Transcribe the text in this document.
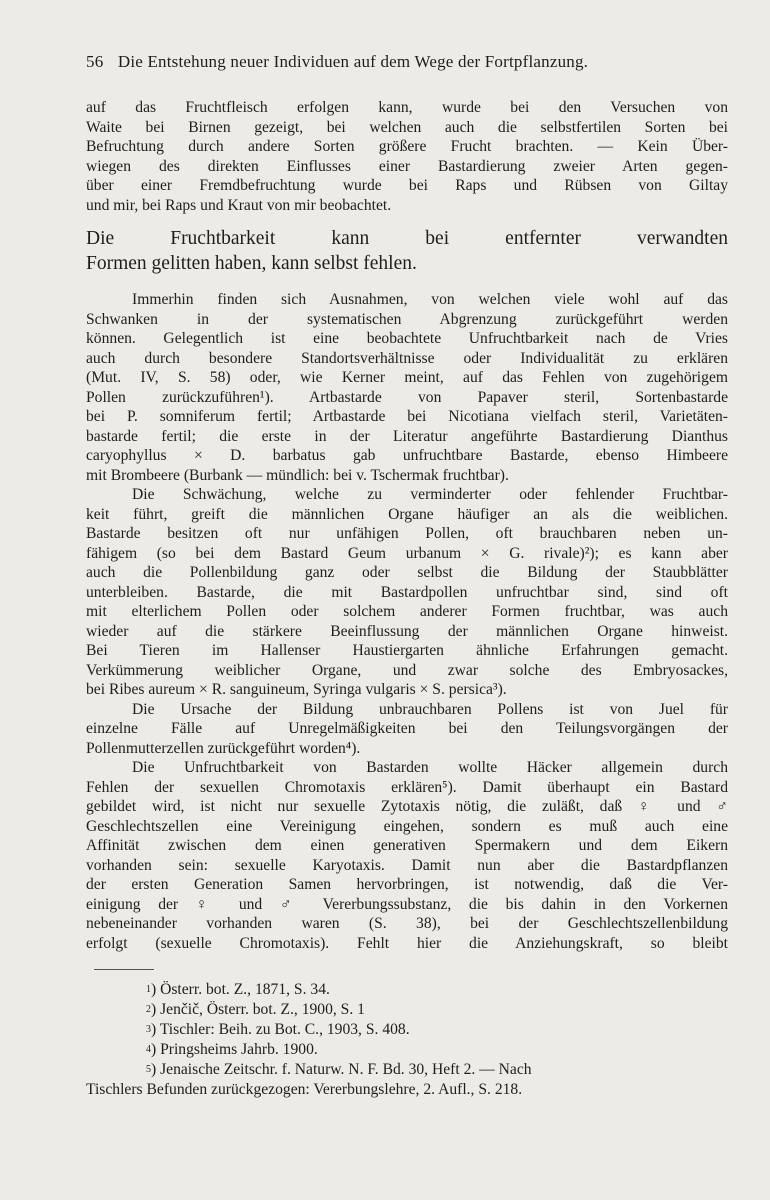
56 Die Entstehung neuer Individuen auf dem Wege der Fortpflanzung.
auf das Fruchtfleisch erfolgen kann, wurde bei den Versuchen von
Waite bei Birnen gezeigt, bei welchen auch die selbstfertilen Sorten bei
Befruchtung durch andere Sorten größere Frucht brachten. — Kein Über-
wiegen des direkten Einflusses einer Bastardierung zweier Arten gegen-
über einer Fremdbefruchtung wurde bei Raps und Rübsen von Giltay
und mir, bei Raps und Kraut von mir beobachtet.
Die Fruchtbarkeit kann bei entfernter verwandten
Formen gelitten haben, kann selbst fehlen.
Immerhin finden sich Ausnahmen, von welchen viele wohl auf das
Schwanken in der systematischen Abgrenzung zurückgeführt werden
können. Gelegentlich ist eine beobachtete Unfruchtbarkeit nach de Vries
auch durch besondere Standortsverhältnisse oder Individualität zu erklären
(Mut. IV, S. 58) oder, wie Kerner meint, auf das Fehlen von zugehörigem
Pollen zurückzuführen¹). Artbastarde von Papaver steril, Sortenbastarde
bei P. somniferum fertil; Artbastarde bei Nicotiana vielfach steril, Varietäten-
bastarde fertil; die erste in der Literatur angeführte Bastardierung Dianthus
caryophyllus × D. barbatus gab unfruchtbare Bastarde, ebenso Himbeere
mit Brombeere (Burbank — mündlich: bei v. Tschermak fruchtbar).
Die Schwächung, welche zu verminderter oder fehlender Fruchtbar-
keit führt, greift die männlichen Organe häufiger an als die weiblichen.
Bastarde besitzen oft nur unfähigen Pollen, oft brauchbaren neben un-
fähigem (so bei dem Bastard Geum urbanum × G. rivale)²); es kann aber
auch die Pollenbildung ganz oder selbst die Bildung der Staubblätter
unterbleiben. Bastarde, die mit Bastardpollen unfruchtbar sind, sind oft
mit elterlichem Pollen oder solchem anderer Formen fruchtbar, was auch
wieder auf die stärkere Beeinflussung der männlichen Organe hinweist.
Bei Tieren im Hallenser Haustiergarten ähnliche Erfahrungen gemacht.
Verkümmerung weiblicher Organe, und zwar solche des Embryosackes,
bei Ribes aureum × R. sanguineum, Syringa vulgaris × S. persica³).
Die Ursache der Bildung unbrauchbaren Pollens ist von Juel für
einzelne Fälle auf Unregelmäßigkeiten bei den Teilungsvorgängen der
Pollenmutterzellen zurückgeführt worden⁴).
Die Unfruchtbarkeit von Bastarden wollte Häcker allgemein durch
Fehlen der sexuellen Chromotaxis erklären⁵). Damit überhaupt ein Bastard
gebildet wird, ist nicht nur sexuelle Zytotaxis nötig, die zuläßt, daß ♀ und ♂
Geschlechtszellen eine Vereinigung eingehen, sondern es muß auch eine
Affinität zwischen dem einen generativen Spermakern und dem Eikern
vorhanden sein: sexuelle Karyotaxis. Damit nun aber die Bastardpflanzen
der ersten Generation Samen hervorbringen, ist notwendig, daß die Ver-
einigung der ♀ und ♂ Vererbungssubstanz, die bis dahin in den Vorkernen
nebeneinander vorhanden waren (S. 38), bei der Geschlechtszellenbildung
erfolgt (sexuelle Chromotaxis). Fehlt hier die Anziehungskraft, so bleibt
$^1$) Österr. bot. Z., 1871, S. 34.
$^2$) Jenčič, Österr. bot. Z., 1900, S. 1
$^3$) Tischler: Beih. zu Bot. C., 1903, S. 408.
$^4$) Pringsheims Jahrb. 1900.
$^5$) Jenaische Zeitschr. f. Naturw. N. F. Bd. 30, Heft 2. — Nach
Tischlers Befunden zurückgezogen: Vererbungslehre, 2. Aufl., S. 218.
